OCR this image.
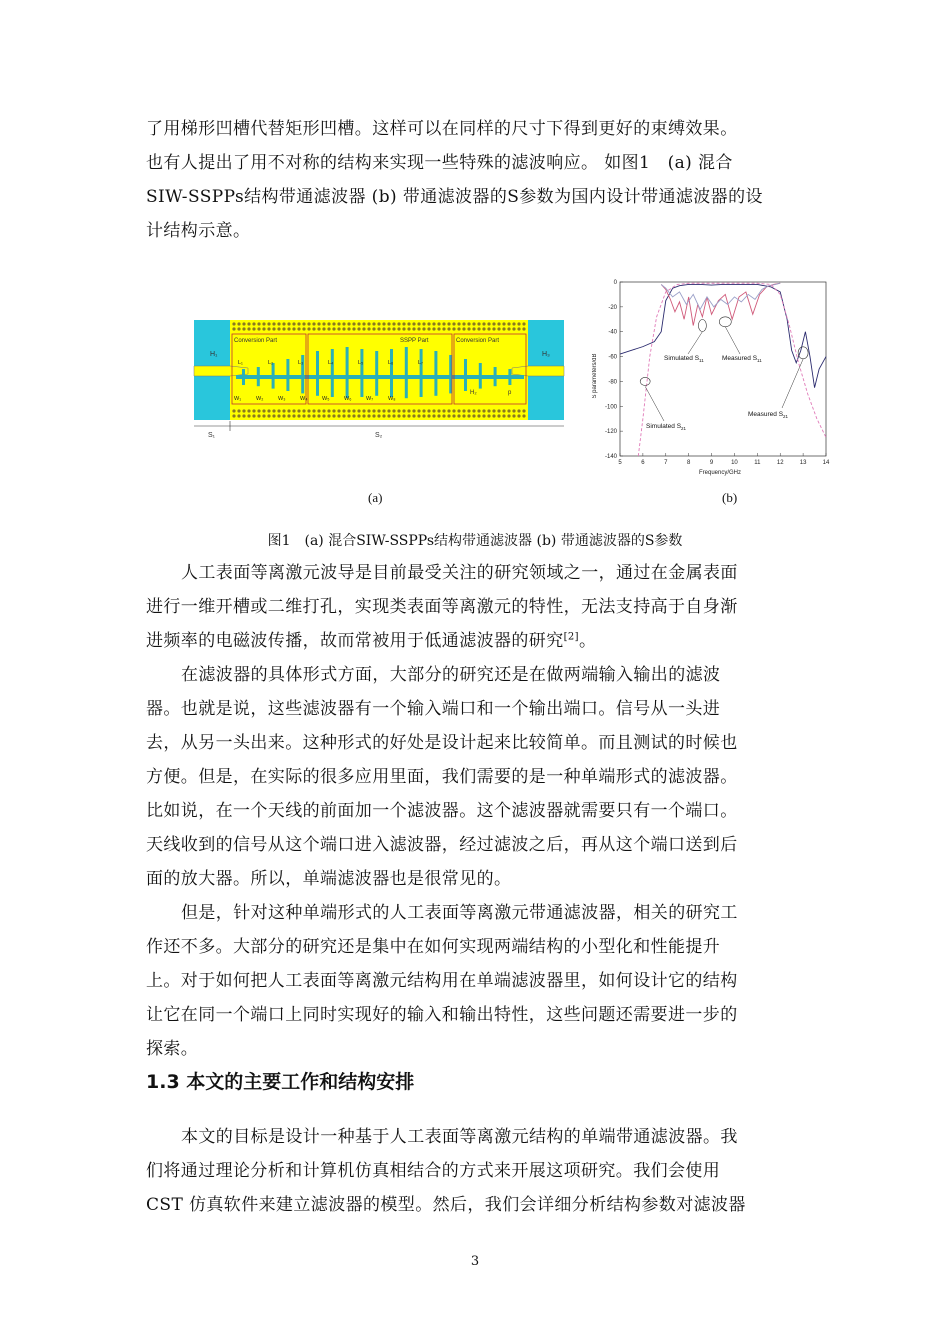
了用梯形凹槽代替矩形凹槽。这样可以在同样的尺寸下得到更好的束缚效果。
也有人提出了用不对称的结构来实现一些特殊的滤波响应。 如图1　(a) 混合
SIW-SSPPs结构带通滤波器 (b) 带通滤波器的S参数为国内设计带通滤波器的设
计结构示意。
Conversion Part	SSPP Part	Conversion Part
H₁	H₃
H₂	p
L₁	L₂	L₃	L₄	L₅	L₆	L₇
W₁	W₂	W₃	W₄	W₅	W₆	W₇	W₈
S₁	S₂
(a)
5	6	7	8	9	10	11	12	13	14
0
-20
-40
-60
-80
-100
-120
-140
Frequency/GHz
S parameters/dB	Simulated $S_{11}$	Measured $S_{11}$
Measured $S_{21}$
Simulated $S_{21}$
(b)
图1　(a) 混合SIW-SSPPs结构带通滤波器 (b) 带通滤波器的S参数
人工表面等离激元波导是目前最受关注的研究领域之一，通过在金属表面
进行一维开槽或二维打孔，实现类表面等离激元的特性，无法支持高于自身渐
进频率的电磁波传播，故而常被用于低通滤波器的研究[2]。
在滤波器的具体形式方面，大部分的研究还是在做两端输入输出的滤波
器。也就是说，这些滤波器有一个输入端口和一个输出端口。信号从一头进
去，从另一头出来。这种形式的好处是设计起来比较简单。而且测试的时候也
方便。但是，在实际的很多应用里面，我们需要的是一种单端形式的滤波器。
比如说，在一个天线的前面加一个滤波器。这个滤波器就需要只有一个端口。
天线收到的信号从这个端口进入滤波器，经过滤波之后，再从这个端口送到后
面的放大器。所以，单端滤波器也是很常见的。
但是，针对这种单端形式的人工表面等离激元带通滤波器，相关的研究工
作还不多。大部分的研究还是集中在如何实现两端结构的小型化和性能提升
上。对于如何把人工表面等离激元结构用在单端滤波器里，如何设计它的结构
让它在同一个端口上同时实现好的输入和输出特性，这些问题还需要进一步的
探索。
1.3 本文的主要工作和结构安排
本文的目标是设计一种基于人工表面等离激元结构的单端带通滤波器。我
们将通过理论分析和计算机仿真相结合的方式来开展这项研究。我们会使用
CST 仿真软件来建立滤波器的模型。然后，我们会详细分析结构参数对滤波器
3
